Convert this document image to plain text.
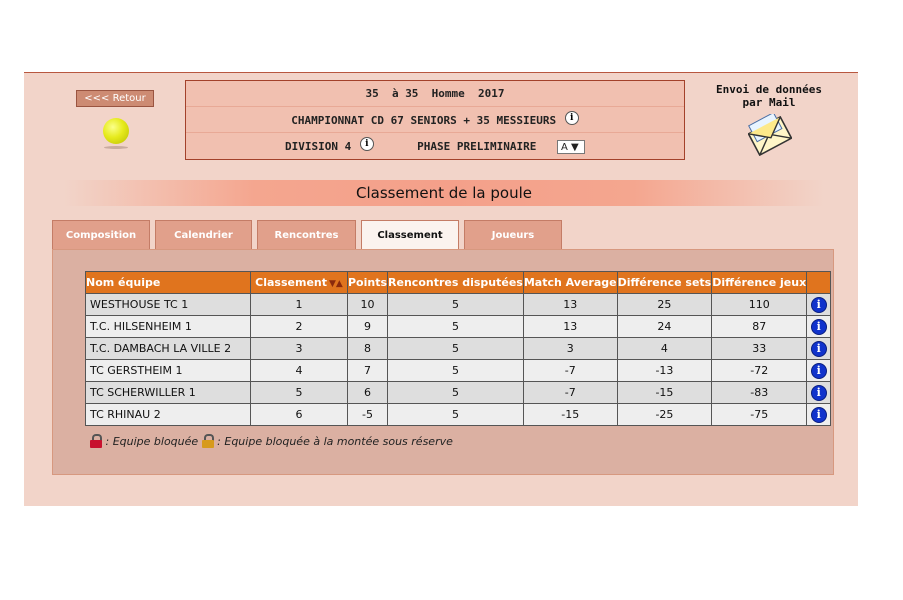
<<< Retour	35  à 35  Homme  2017
CHAMPIONNAT CD 67 SENIORS + 35 MESSIEURS i
DIVISION 4 i	PHASE PRELIMINAIRE A ▼
Envoi de données
par Mail
Classement de la poule
Composition	Calendrier	Rencontres	Classement	Joueurs
Nom équipe	Classement ▼▲	Points	Rencontres disputées	Match Average	Différence sets	Différence jeux	
WESTHOUSE TC 1	1	10	5	13	25	110	i
T.C. HILSENHEIM 1	2	9	5	13	24	87	i
T.C. DAMBACH LA VILLE 2	3	8	5	3	4	33	i
TC GERSTHEIM 1	4	7	5	-7	-13	-72	i
TC SCHERWILLER 1	5	6	5	-7	-15	-83	i
TC RHINAU 2	6	-5	5	-15	-25	-75	i
: Equipe bloquée : Equipe bloquée à la montée sous réserve
